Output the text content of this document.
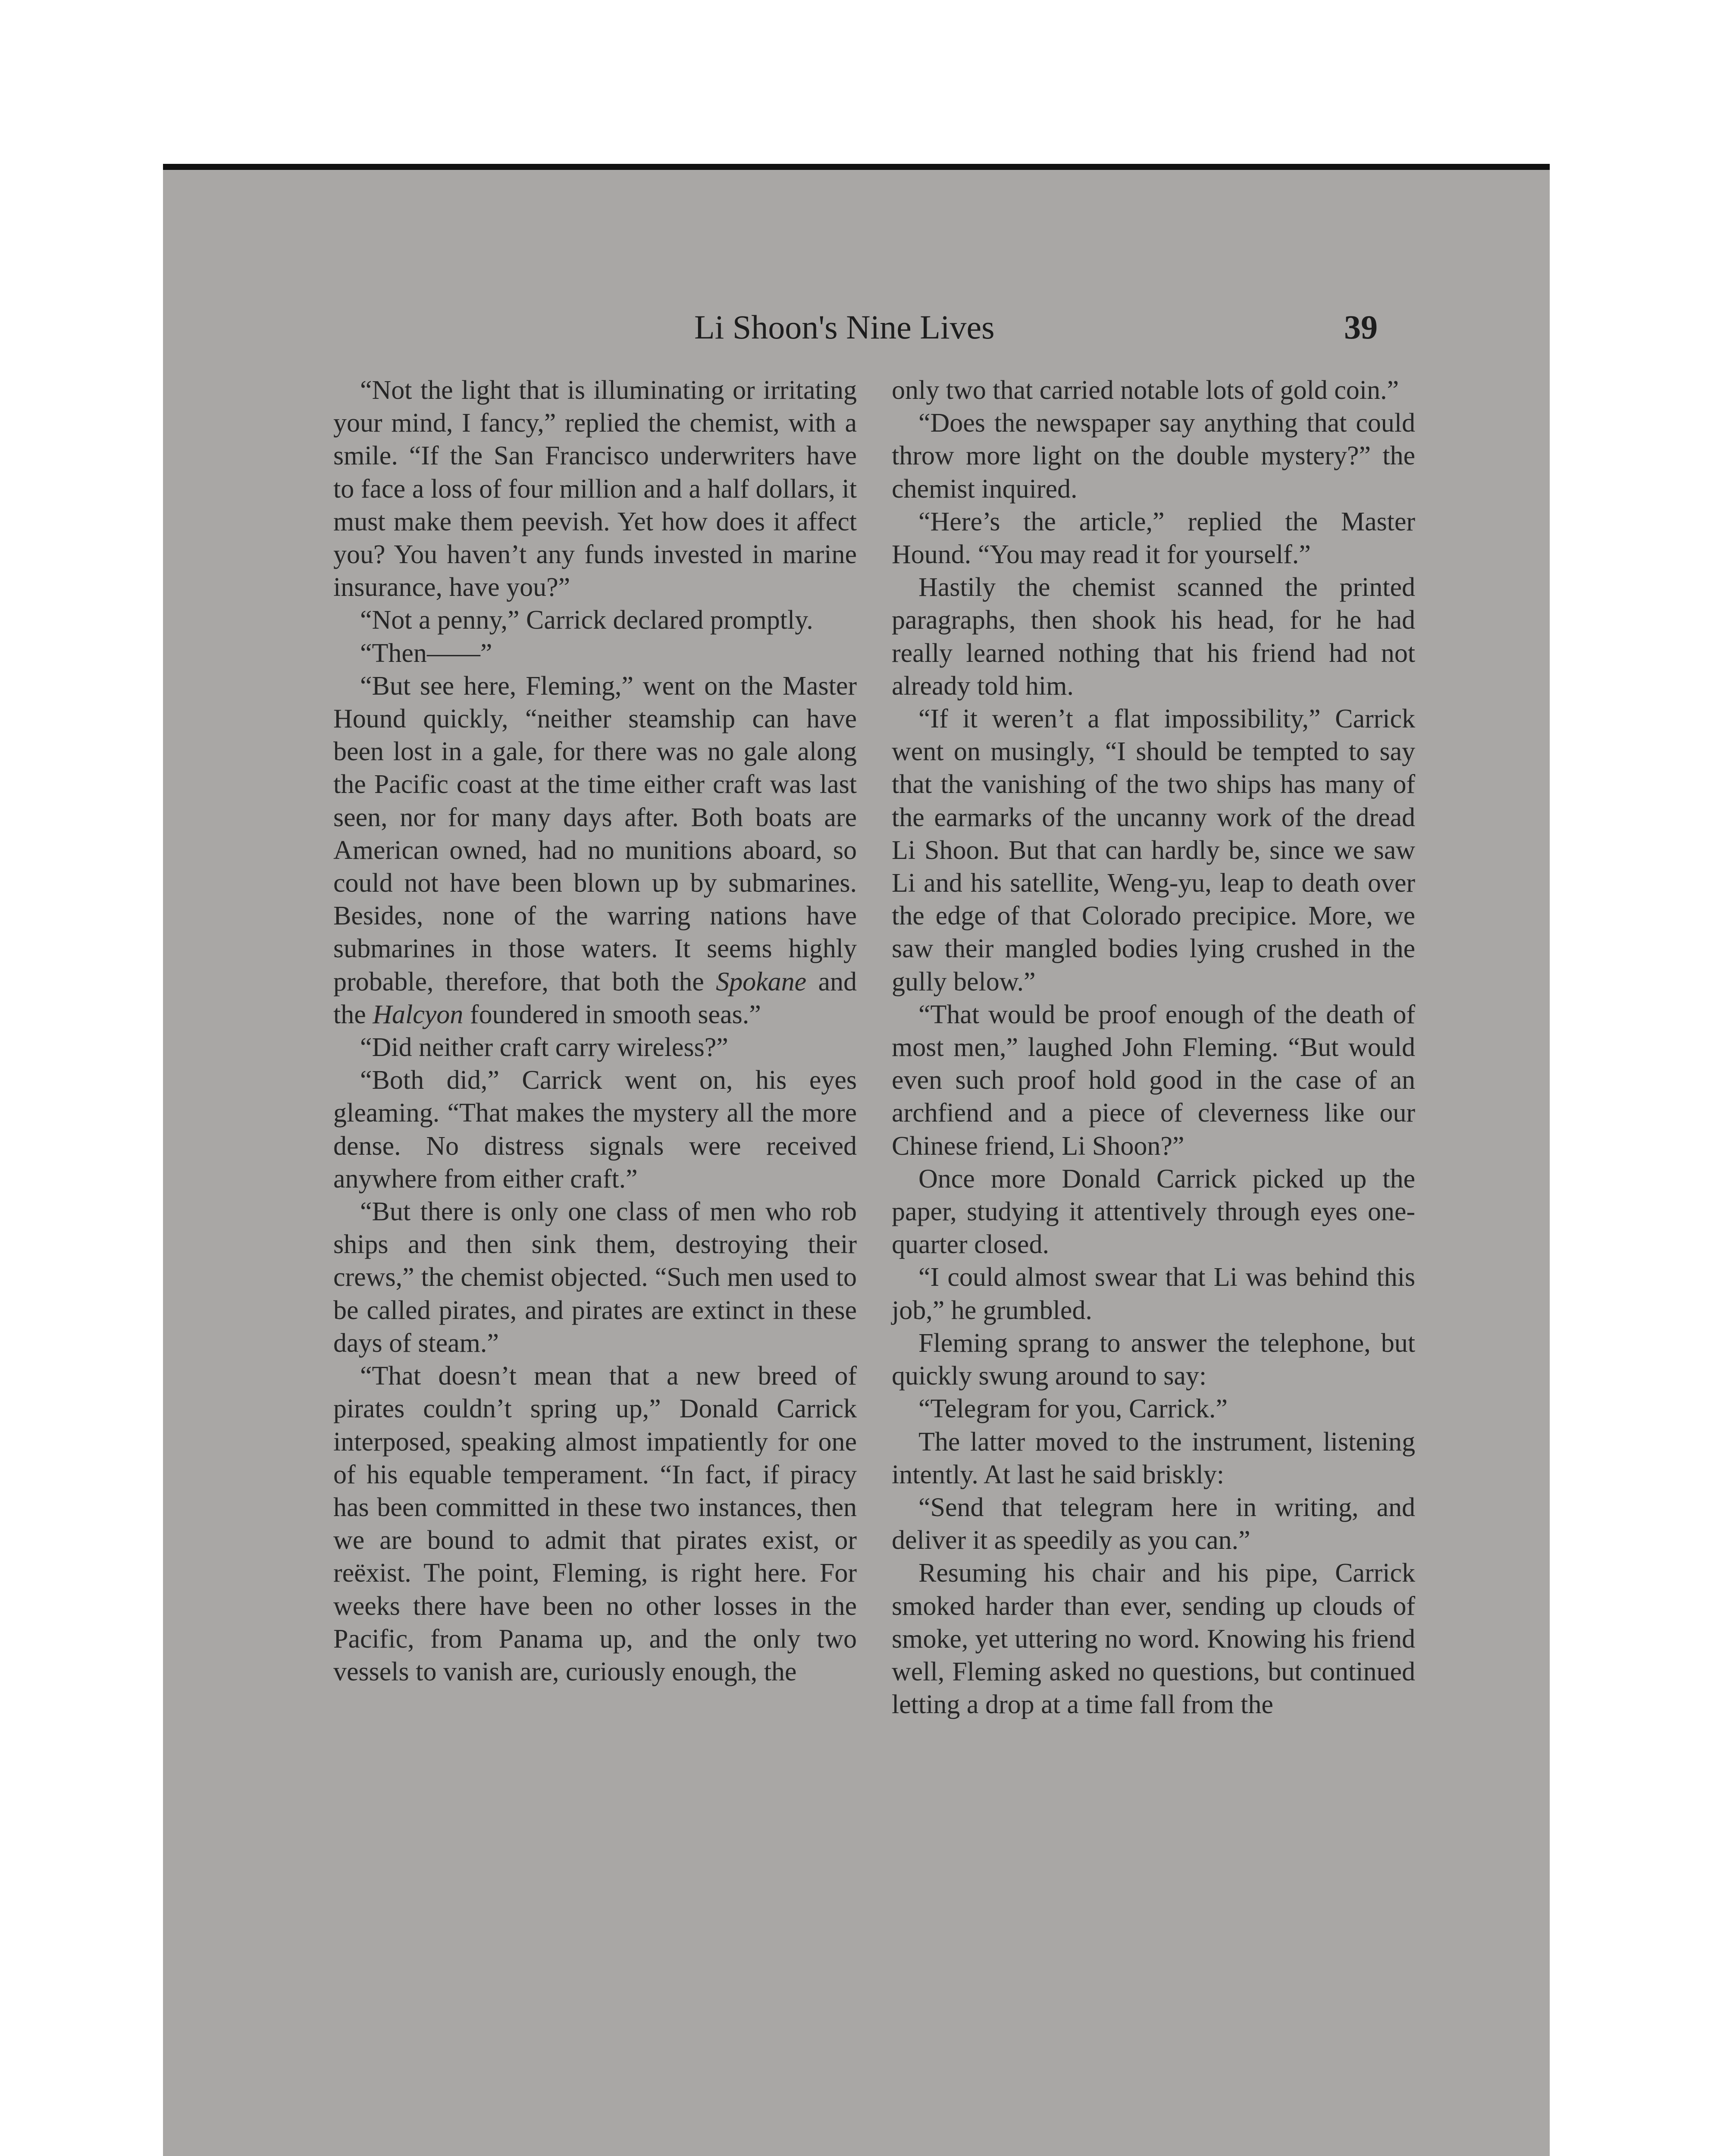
Li Shoon's Nine Lives	39

“Not the light that is illuminating or irritating your mind, I fancy,” replied the chemist, with a smile. “If the San Francisco underwriters have to face a loss of four million and a half dollars, it must make them peevish. Yet how does it affect you? You haven’t any funds invested in marine insurance, have you?”

“Not a penny,” Carrick declared promptly.

“Then——”

“But see here, Fleming,” went on the Master Hound quickly, “neither steamship can have been lost in a gale, for there was no gale along the Pacific coast at the time either craft was last seen, nor for many days after. Both boats are American owned, had no munitions aboard, so could not have been blown up by submarines. Besides, none of the warring nations have submarines in those waters. It seems highly probable, therefore, that both the Spokane and the Halcyon foundered in smooth seas.”

“Did neither craft carry wireless?”

“Both did,” Carrick went on, his eyes gleaming. “That makes the mystery all the more dense. No distress signals were received anywhere from either craft.”

“But there is only one class of men who rob ships and then sink them, destroying their crews,” the chemist objected. “Such men used to be called pirates, and pirates are extinct in these days of steam.”

“That doesn’t mean that a new breed of pirates couldn’t spring up,” Donald Carrick interposed, speaking almost impatiently for one of his equable temperament. “In fact, if piracy has been committed in these two instances, then we are bound to admit that pirates exist, or reëxist. The point, Fleming, is right here. For weeks there have been no other losses in the Pacific, from Panama up, and the only two vessels to vanish are, curiously enough, the

only two that carried notable lots of gold coin.”

“Does the newspaper say anything that could throw more light on the double mystery?” the chemist inquired.

“Here’s the article,” replied the Master Hound. “You may read it for yourself.”

Hastily the chemist scanned the printed paragraphs, then shook his head, for he had really learned nothing that his friend had not already told him.

“If it weren’t a flat impossibility,” Carrick went on musingly, “I should be tempted to say that the vanishing of the two ships has many of the earmarks of the uncanny work of the dread Li Shoon. But that can hardly be, since we saw Li and his satellite, Weng-yu, leap to death over the edge of that Colorado precipice. More, we saw their mangled bodies lying crushed in the gully below.”

“That would be proof enough of the death of most men,” laughed John Fleming. “But would even such proof hold good in the case of an archfiend and a piece of cleverness like our Chinese friend, Li Shoon?”

Once more Donald Carrick picked up the paper, studying it attentively through eyes one-quarter closed.

“I could almost swear that Li was behind this job,” he grumbled.

Fleming sprang to answer the telephone, but quickly swung around to say:

“Telegram for you, Carrick.”

The latter moved to the instrument, listening intently. At last he said briskly:

“Send that telegram here in writing, and deliver it as speedily as you can.”

Resuming his chair and his pipe, Carrick smoked harder than ever, sending up clouds of smoke, yet uttering no word. Knowing his friend well, Fleming asked no questions, but continued letting a drop at a time fall from the
